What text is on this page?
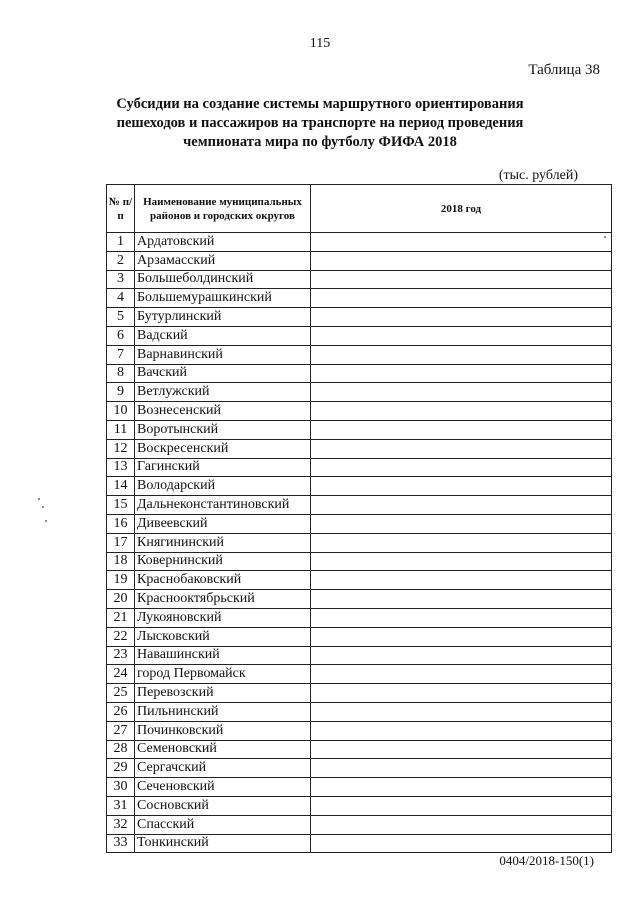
115
Таблица 38
Субсидии на создание системы маршрутного ориентирования
пешеходов и пассажиров на транспорте на период проведения
чемпионата мира по футболу ФИФА 2018
(тыс. рублей)
№ п/п	Наименование муниципальных районов и городских округов	2018 год
1	Ардатовский	
2	Арзамасский	
3	Большеболдинский	
4	Большемурашкинский	
5	Бутурлинский	
6	Вадский	
7	Варнавинский	
8	Вачский	
9	Ветлужский	
10	Вознесенский	
11	Воротынский	
12	Воскресенский	
13	Гагинский	
14	Володарский	
15	Дальнеконстантиновский	
16	Дивеевский	
17	Княгининский	
18	Ковернинский	
19	Краснобаковский	
20	Краснооктябрьский	
21	Лукояновский	
22	Лысковский	
23	Навашинский	
24	город Первомайск	
25	Перевозский	
26	Пильнинский	
27	Починковский	
28	Семеновский	
29	Сергачский	
30	Сеченовский	
31	Сосновский	
32	Спасский	
33	Тонкинский	
0404/2018-150(1)
